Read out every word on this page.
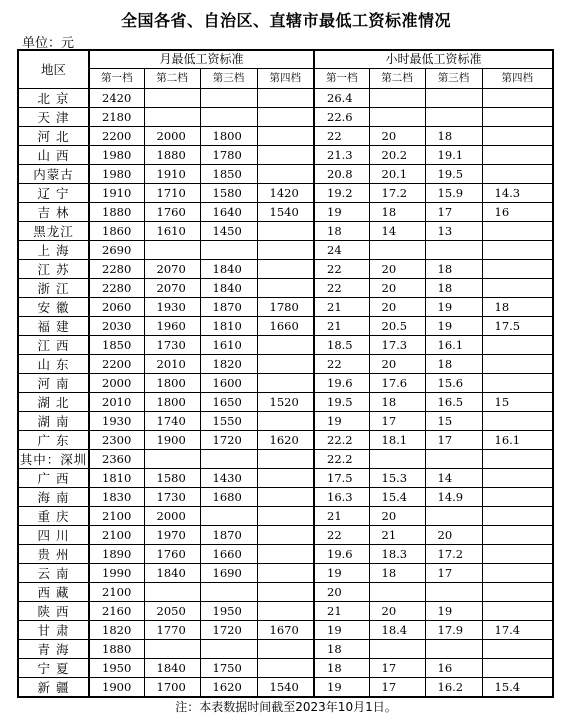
全国各省、自治区、直辖市最低工资标准情况
单位：元
地区	月最低工资标准				小时最低工资标准			
	第一档	第二档	第三档	第四档	第一档	第二档	第三档	第四档
北 京	2420				26.4			
天 津	2180				22.6			
河 北	2200	2000	1800		22	20	18	
山 西	1980	1880	1780		21.3	20.2	19.1	
内蒙古	1980	1910	1850		20.8	20.1	19.5	
辽 宁	1910	1710	1580	1420	19.2	17.2	15.9	14.3
吉 林	1880	1760	1640	1540	19	18	17	16
黑龙江	1860	1610	1450		18	14	13	
上 海	2690				24			
江 苏	2280	2070	1840		22	20	18	
浙 江	2280	2070	1840		22	20	18	
安 徽	2060	1930	1870	1780	21	20	19	18
福 建	2030	1960	1810	1660	21	20.5	19	17.5
江 西	1850	1730	1610		18.5	17.3	16.1	
山 东	2200	2010	1820		22	20	18	
河 南	2000	1800	1600		19.6	17.6	15.6	
湖 北	2010	1800	1650	1520	19.5	18	16.5	15
湖 南	1930	1740	1550		19	17	15	
广 东	2300	1900	1720	1620	22.2	18.1	17	16.1
其中：深圳	2360				22.2			
广 西	1810	1580	1430		17.5	15.3	14	
海 南	1830	1730	1680		16.3	15.4	14.9	
重 庆	2100	2000			21	20		
四 川	2100	1970	1870		22	21	20	
贵 州	1890	1760	1660		19.6	18.3	17.2	
云 南	1990	1840	1690		19	18	17	
西 藏	2100				20			
陕 西	2160	2050	1950		21	20	19	
甘 肃	1820	1770	1720	1670	19	18.4	17.9	17.4
青 海	1880				18			
宁 夏	1950	1840	1750		18	17	16	
新 疆	1900	1700	1620	1540	19	17	16.2	15.4
注：本表数据时间截至2023年10月1日。
